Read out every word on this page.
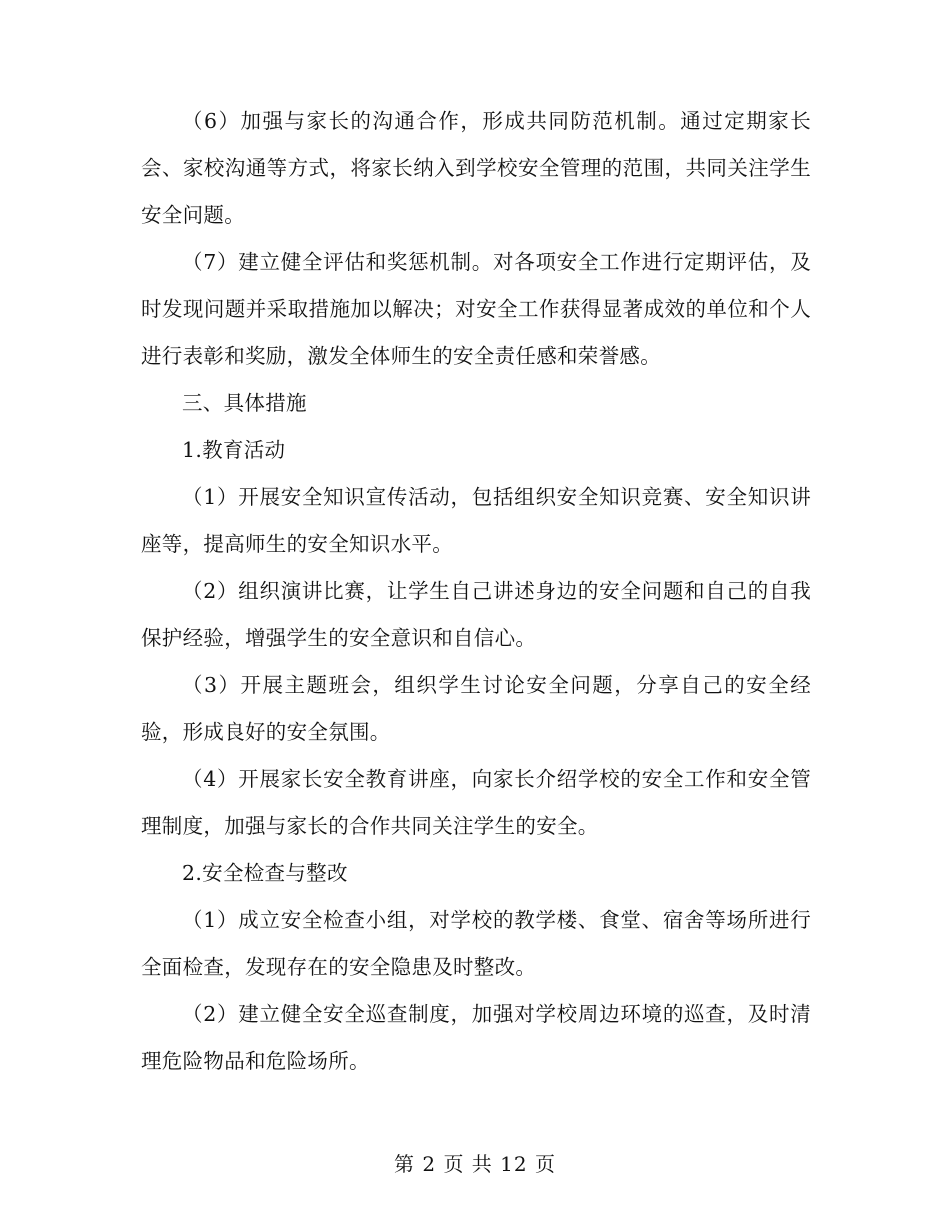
（6）加强与家长的沟通合作，形成共同防范机制。通过定期家长会、家校沟通等方式，将家长纳入到学校安全管理的范围，共同关注学生安全问题。

（7）建立健全评估和奖惩机制。对各项安全工作进行定期评估，及时发现问题并采取措施加以解决；对安全工作获得显著成效的单位和个人进行表彰和奖励，激发全体师生的安全责任感和荣誉感。

三、具体措施

1.教育活动

（1）开展安全知识宣传活动，包括组织安全知识竞赛、安全知识讲座等，提高师生的安全知识水平。

（2）组织演讲比赛，让学生自己讲述身边的安全问题和自己的自我保护经验，增强学生的安全意识和自信心。

（3）开展主题班会，组织学生讨论安全问题，分享自己的安全经验，形成良好的安全氛围。

（4）开展家长安全教育讲座，向家长介绍学校的安全工作和安全管理制度，加强与家长的合作共同关注学生的安全。

2.安全检查与整改

（1）成立安全检查小组，对学校的教学楼、食堂、宿舍等场所进行全面检查，发现存在的安全隐患及时整改。

（2）建立健全安全巡查制度，加强对学校周边环境的巡查，及时清理危险物品和危险场所。

第 2 页 共 12 页
